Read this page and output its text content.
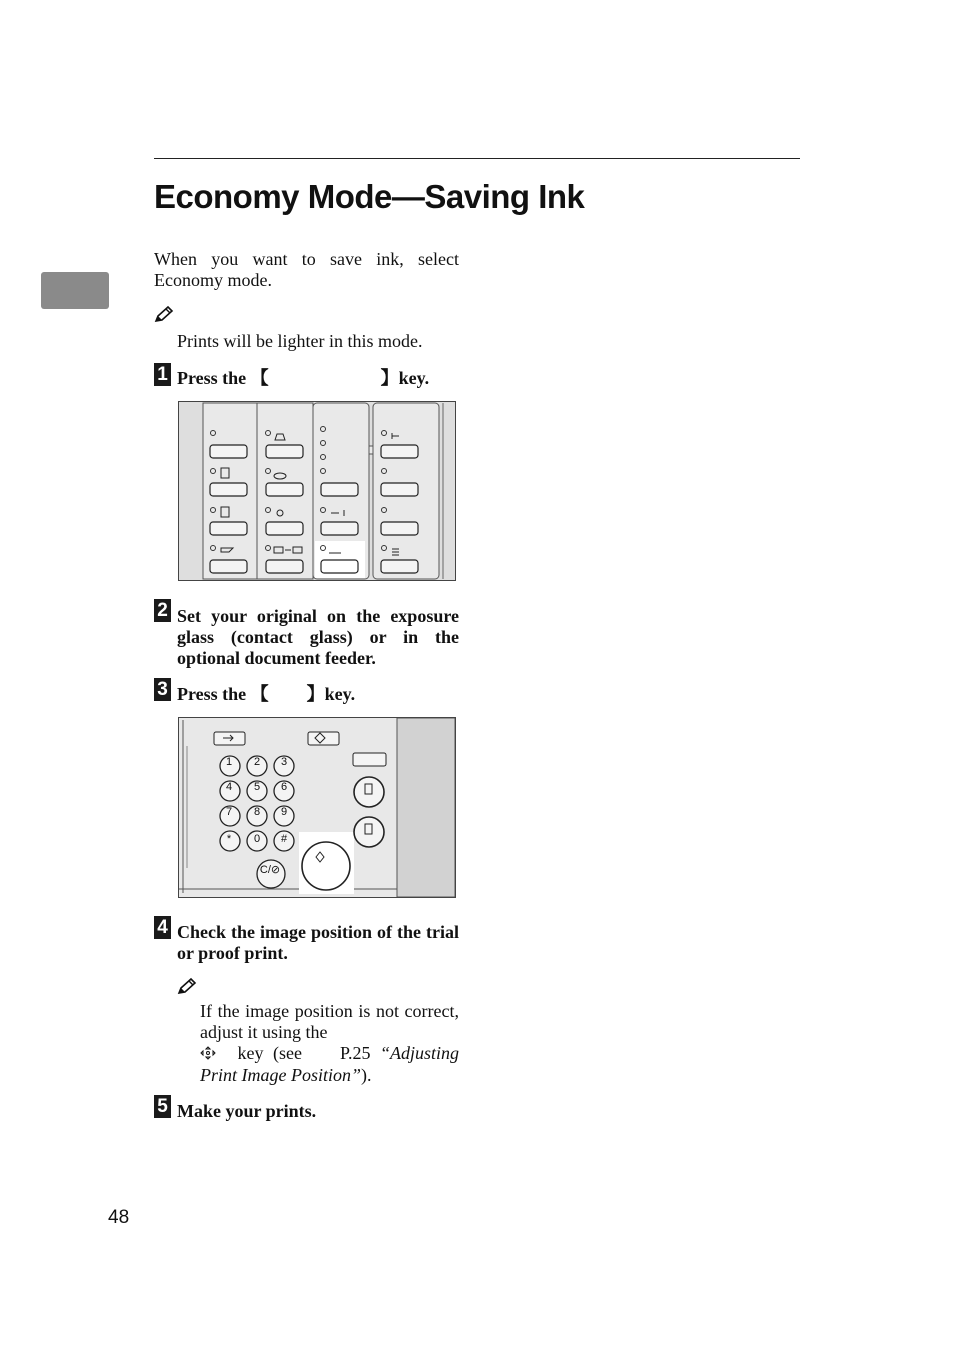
Economy Mode—Saving Ink

When you want to save ink, select Economy mode.

Prints will be lighter in this mode.

1 Press the 【	】key.

2 Set your original on the exposure glass (contact glass) or in the optional document feeder.

3 Press the 【 】key.

1 2 3
4 5 6
7 8 9
* 0 #
C/⊘
4 Check the image position of the trial or proof print.

If the image position is not correct, adjust it using the
key (see P.25 “Adjusting Print Image Position”).

5 Make your prints.

48
